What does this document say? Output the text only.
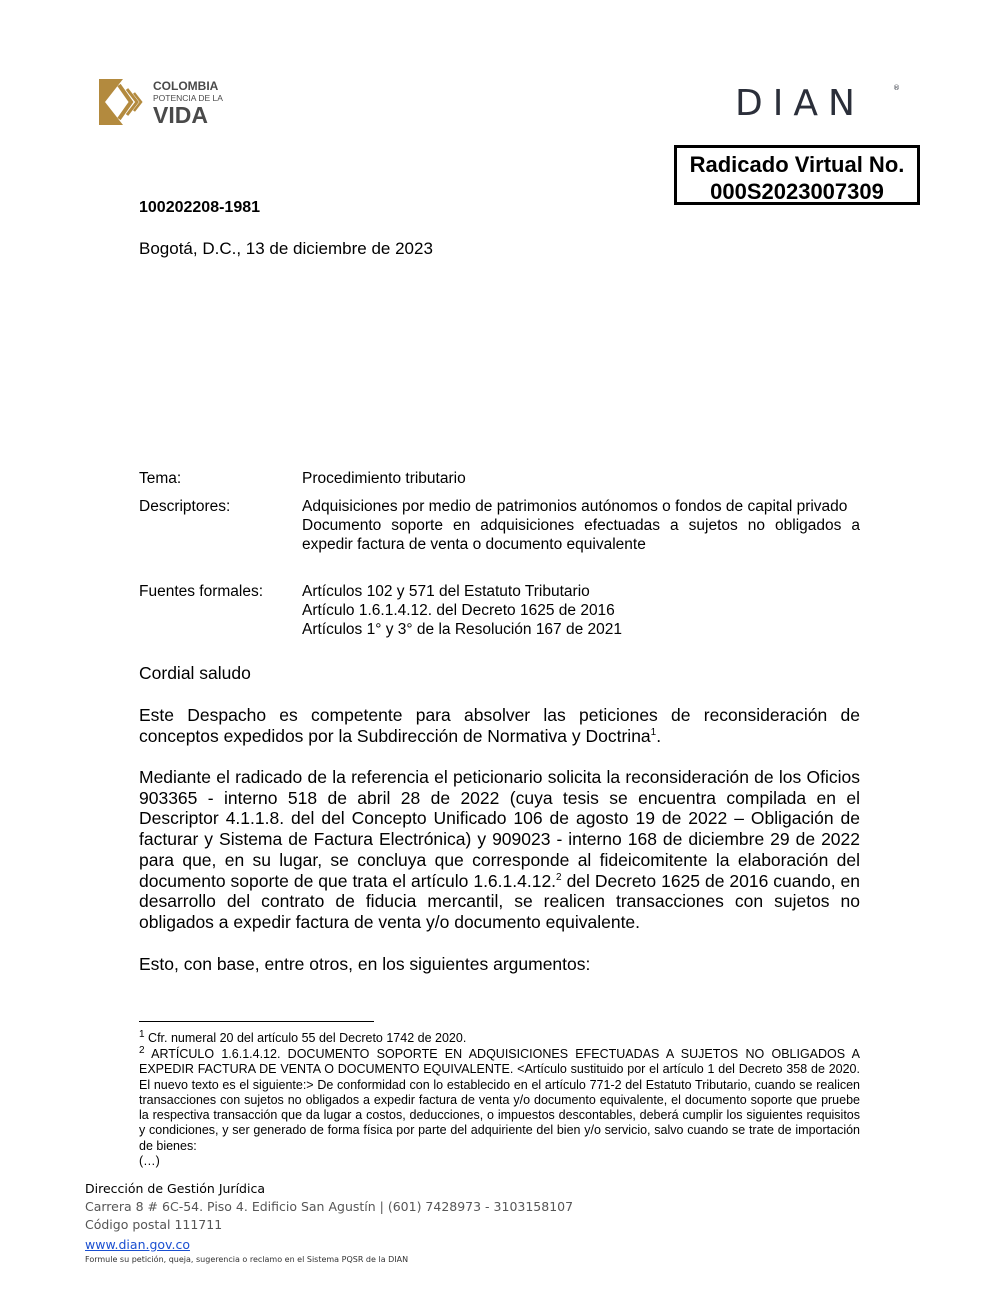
COLOMBIA
POTENCIA DE LA
VIDA	DIAN	®
Radicado Virtual No.
000S2023007309
100202208-1981
Bogotá, D.C., 13 de diciembre de 2023
Tema:	Procedimiento tributario
Descriptores:	Adquisiciones por medio de patrimonios autónomos o fondos de capital privado
Documento soporte en adquisiciones efectuadas a sujetos no obligados a expedir factura de venta o documento equivalente
Fuentes formales:	Artículos 102 y 571 del Estatuto Tributario
Artículo 1.6.1.4.12. del Decreto 1625 de 2016
Artículos 1° y 3° de la Resolución 167 de 2021
Cordial saludo
Este Despacho es competente para absolver las peticiones de reconsideración de conceptos expedidos por la Subdirección de Normativa y Doctrina$^1$.
Mediante el radicado de la referencia el peticionario solicita la reconsideración de los Oficios 903365 - interno 518 de abril 28 de 2022 (cuya tesis se encuentra compilada en el Descriptor 4.1.1.8. del del Concepto Unificado 106 de agosto 19 de 2022 – Obligación de facturar y Sistema de Factura Electrónica) y 909023 - interno 168 de diciembre 29 de 2022 para que, en su lugar, se concluya que corresponde al fideicomitente la elaboración del documento soporte de que trata el artículo 1.6.1.4.12.$^2$ del Decreto 1625 de 2016 cuando, en desarrollo del contrato de fiducia mercantil, se realicen transacciones con sujetos no obligados a expedir factura de venta y/o documento equivalente.
Esto, con base, entre otros, en los siguientes argumentos:
$^1$ Cfr. numeral 20 del artículo 55 del Decreto 1742 de 2020.
$^2$ ARTÍCULO 1.6.1.4.12. DOCUMENTO SOPORTE EN ADQUISICIONES EFECTUADAS A SUJETOS NO OBLIGADOS A EXPEDIR FACTURA DE VENTA O DOCUMENTO EQUIVALENTE. <Artículo sustituido por el artículo 1 del Decreto 358 de 2020. El nuevo texto es el siguiente:> De conformidad con lo establecido en el artículo 771-2 del Estatuto Tributario, cuando se realicen transacciones con sujetos no obligados a expedir factura de venta y/o documento equivalente, el documento soporte que pruebe la respectiva transacción que da lugar a costos, deducciones, o impuestos descontables, deberá cumplir los siguientes requisitos y condiciones, y ser generado de forma física por parte del adquiriente del bien y/o servicio, salvo cuando se trate de importación de bienes:
(…)
Dirección de Gestión Jurídica
Carrera 8 # 6C-54. Piso 4. Edificio San Agustín | (601) 7428973 - 3103158107
Código postal 111711
www.dian.gov.co
Formule su petición, queja, sugerencia o reclamo en el Sistema PQSR de la DIAN
